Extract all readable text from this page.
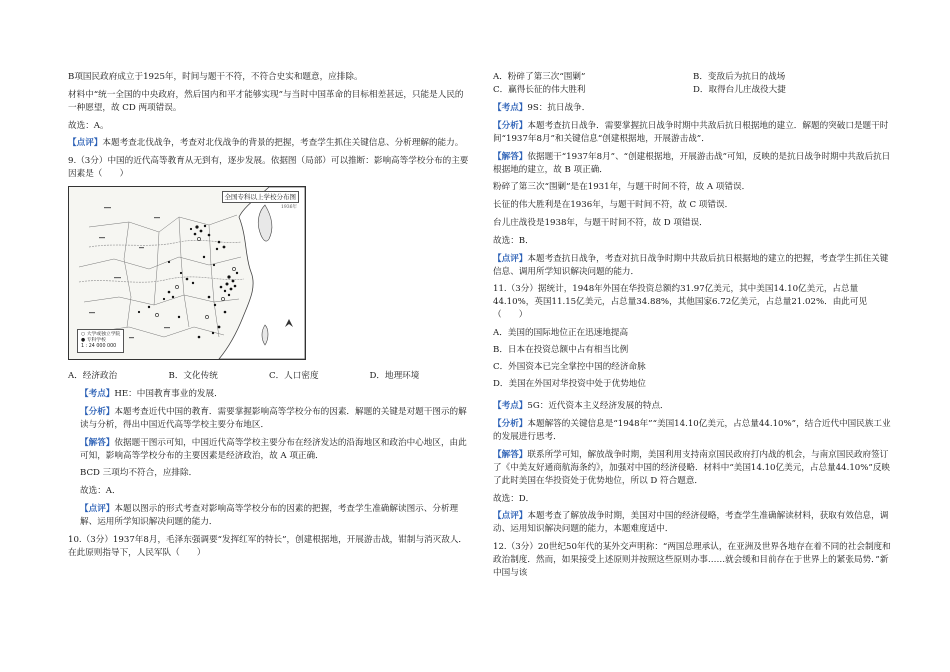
B项国民政府成立于1925年，时间与题干不符，不符合史实和题意，应排除。

材料中“统一全国的中央政府，然后国内和平才能够实现”与当时中国革命的目标相差甚远，只能是人民的一种愿望，故 CD 两项错误。

故选：A。

【点评】本题考查北伐战争，考查对北伐战争的背景的把握，考查学生抓住关键信息、分析理解的能力。

9.（3分）中国的近代高等教育从无到有，逐步发展。依据图（局部）可以推断：影响高等学校分布的主要因素是（　　）

全国专科以上学校分布图
1936年
○ 大学或独立学院
● 专科学校
1 : 24 000 000
A．经济政治	B．文化传统	C．人口密度	D．地理环境

【考点】HE：中国教育事业的发展．

【分析】本题考查近代中国的教育．需要掌握影响高等学校分布的因素．解题的关键是对题干图示的解读与分析，得出中国近代高等学校主要分布地区．

【解答】依据题干图示可知，中国近代高等学校主要分布在经济发达的沿海地区和政治中心地区，由此可知，影响高等学校分布的主要因素是经济政治，故 A 项正确．

BCD 三项均不符合，应排除．

故选：A．

【点评】本题以图示的形式考查对影响高等学校分布的因素的把握，考查学生准确解读图示、分析理解、运用所学知识解决问题的能力．

10.（3分）1937年8月，毛泽东强调要“发挥红军的特长”，创建根据地，开展游击战，钳制与消灭敌人．在此原则指导下，人民军队（　　）

A．粉碎了第三次“围剿”	B．变敌后为抗日的战场
C．赢得长征的伟大胜利	D．取得台儿庄战役大捷

【考点】9S：抗日战争．

【分析】本题考查抗日战争．需要掌握抗日战争时期中共敌后抗日根据地的建立．解题的突破口是题干时间“1937年8月”和关键信息“创建根据地，开展游击战”．

【解答】依据题干“1937年8月”、“创建根据地，开展游击战”可知，反映的是抗日战争时期中共敌后抗日根据地的建立，故 B 项正确．

粉碎了第三次“围剿”是在1931年，与题干时间不符，故 A 项错误．

长征的伟大胜利是在1936年，与题干时间不符，故 C 项错误．

台儿庄战役是1938年，与题干时间不符，故 D 项错误．

故选：B．

【点评】本题考查抗日战争，考查对抗日战争时期中共敌后抗日根据地的建立的把握，考查学生抓住关键信息、调用所学知识解决问题的能力．

11.（3分）据统计，1948年外国在华投资总额约31.97亿美元，其中美国14.10亿美元，占总量44.10%，英国11.15亿美元，占总量34.88%，其他国家6.72亿美元，占总量21.02%．由此可见（　　）

A．美国的国际地位正在迅速地提高
B．日本在投资总额中占有相当比例
C．外国资本已完全掌控中国的经济命脉
D．美国在外国对华投资中处于优势地位

【考点】5G：近代资本主义经济发展的特点．

【分析】本题解答的关键信息是“1948年”“美国14.10亿美元，占总量44.10%”，结合近代中国民族工业的发展进行思考．

【解答】联系所学可知，解放战争时期，美国利用支持南京国民政府打内战的机会，与南京国民政府签订了《中美友好通商航海条约》，加强对中国的经济侵略．材料中“美国14.10亿美元，占总量44.10%”反映了此时美国在华投资处于优势地位，所以 D 符合题意．

故选：D．

【点评】本题考查了解放战争时期，美国对中国的经济侵略，考查学生准确解读材料，获取有效信息，调动、运用知识解决问题的能力，本题难度适中．

12.（3分）20世纪50年代的某外交声明称：“两国总理承认，在亚洲及世界各地存在着不同的社会制度和政治制度．然而，如果接受上述原则并按照这些原则办事……就会缓和目前存在于世界上的紧张局势．”新中国与该
